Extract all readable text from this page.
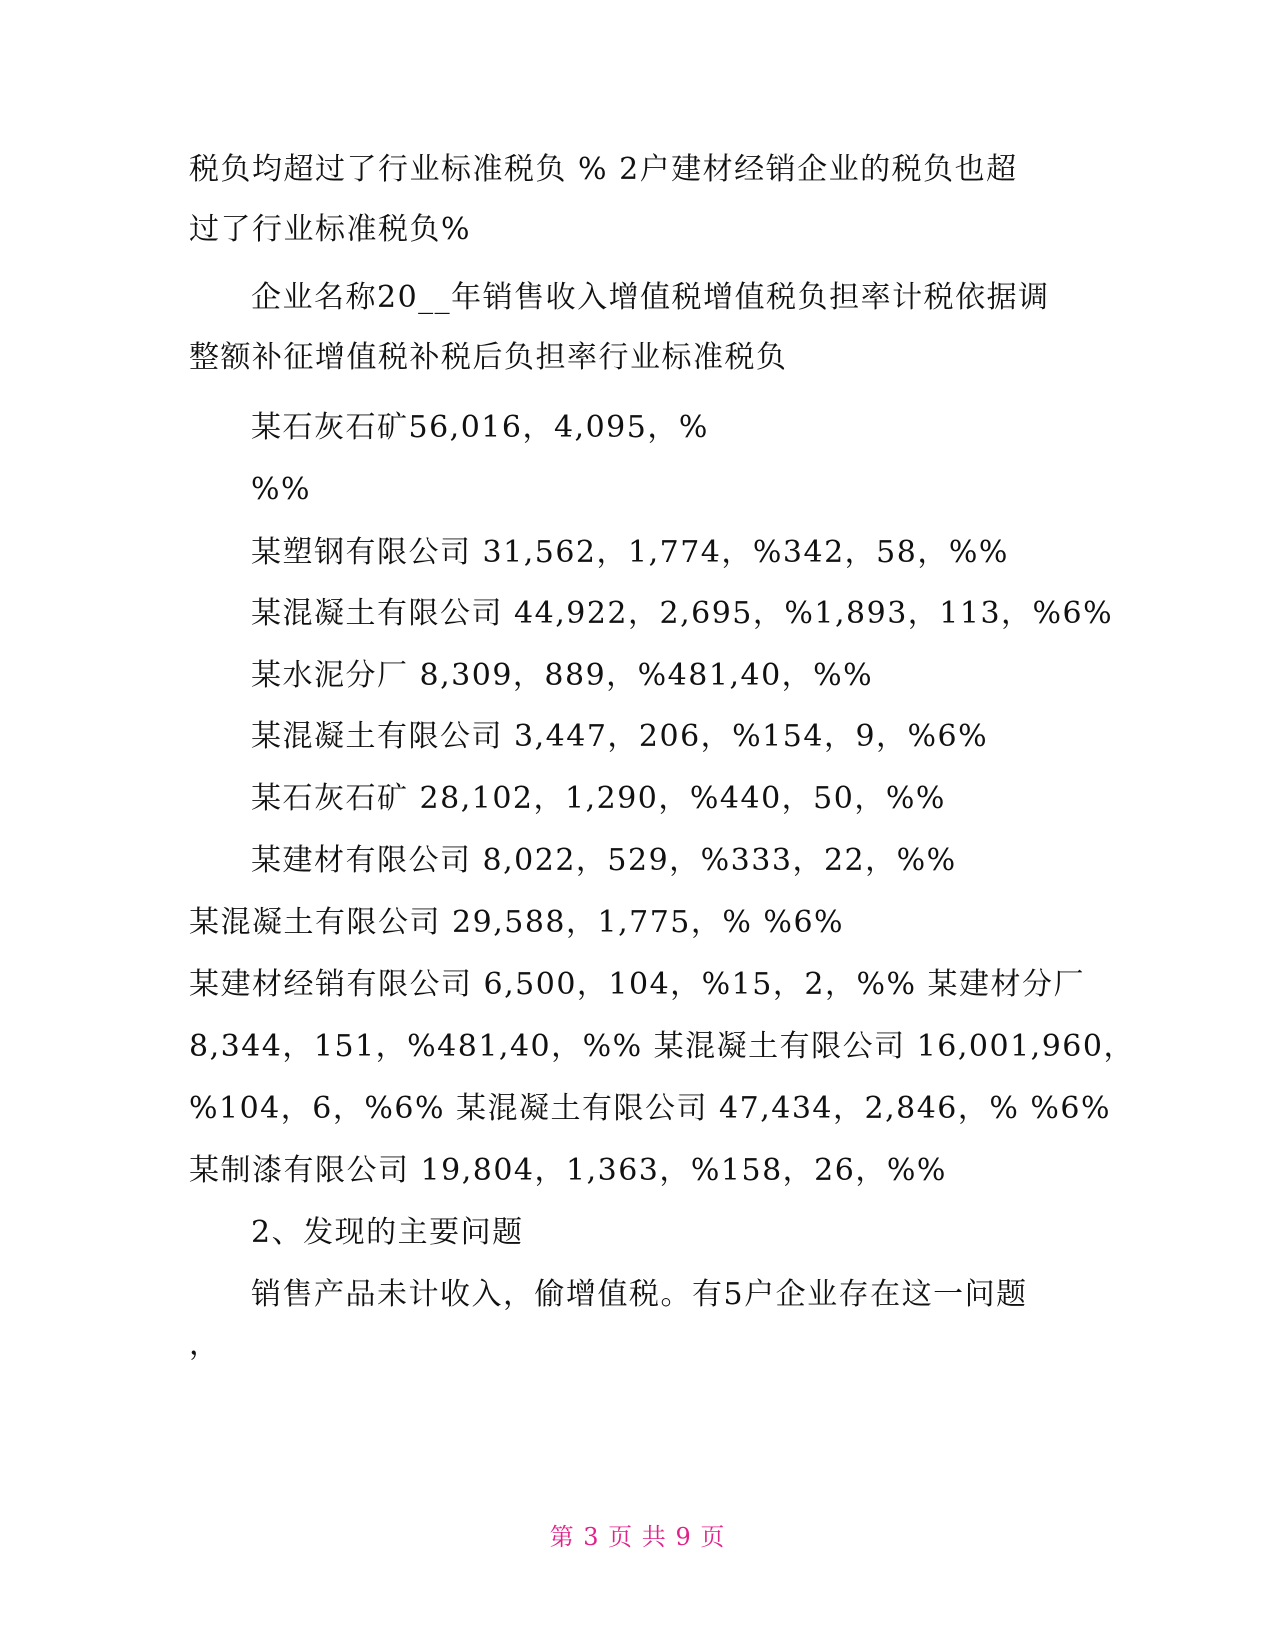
税负均超过了行业标准税负 % 2户建材经销企业的税负也超
过了行业标准税负%
企业名称20__年销售收入增值税增值税负担率计税依据调
整额补征增值税补税后负担率行业标准税负
某石灰石矿56,016，4,095，%
%%
某塑钢有限公司 31,562，1,774，%342，58，%%
某混凝土有限公司 44,922，2,695，%1,893，113，%6%
某水泥分厂 8,309，889，%481,40，%%
某混凝土有限公司 3,447，206，%154，9，%6%
某石灰石矿 28,102，1,290，%440，50，%%
某建材有限公司 8,022，529，%333，22，%%
某混凝土有限公司 29,588，1,775，% %6%
某建材经销有限公司 6,500，104，%15，2，%% 某建材分厂
8,344，151，%481,40，%% 某混凝土有限公司 16,001,960，
%104，6，%6% 某混凝土有限公司 47,434，2,846，% %6%
某制漆有限公司 19,804，1,363，%158，26，%%
2、发现的主要问题
销售产品未计收入，偷增值税。有5户企业存在这一问题
，
第 3 页 共 9 页
